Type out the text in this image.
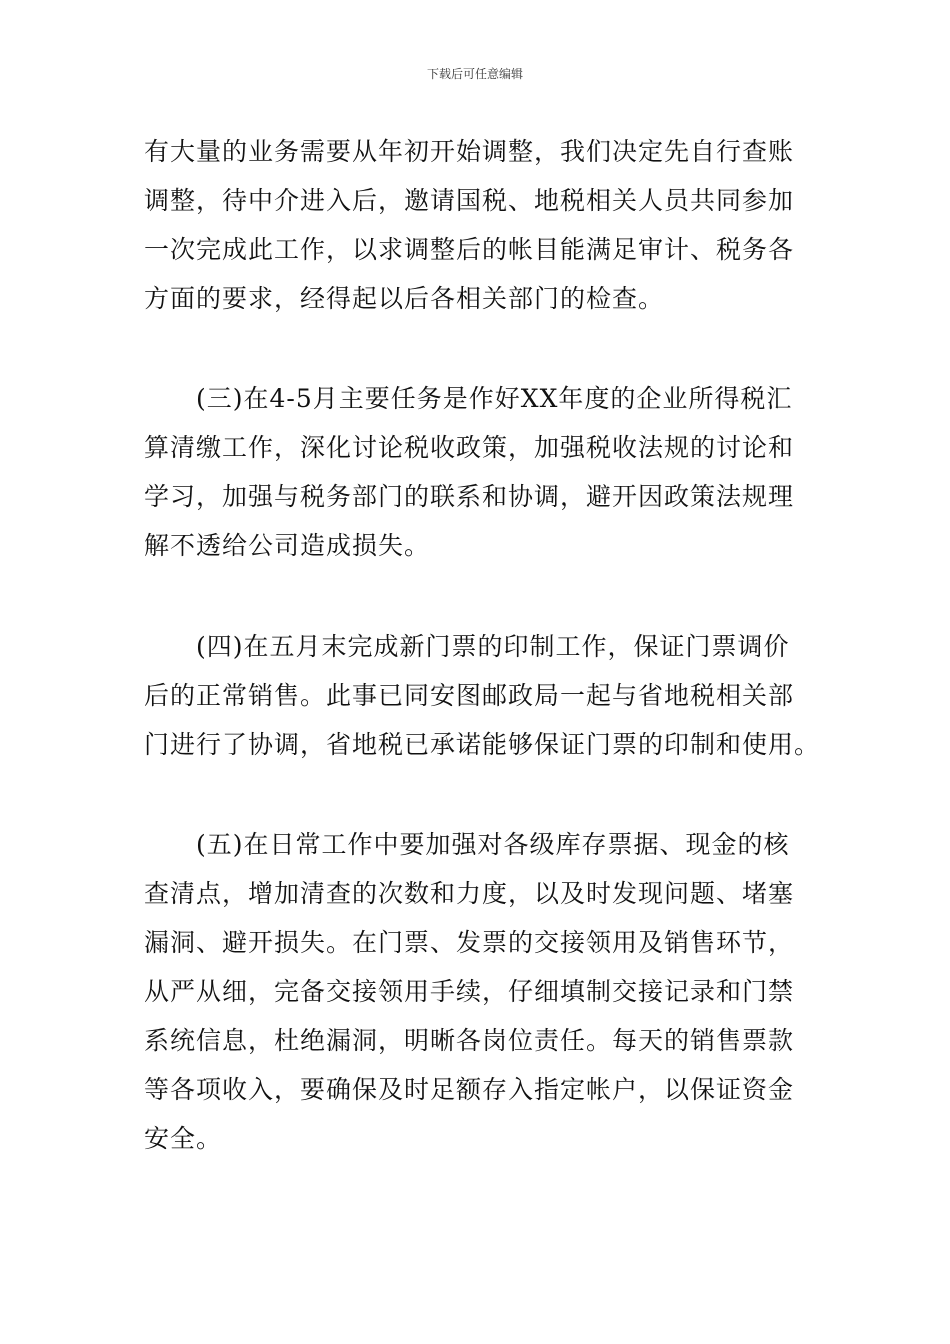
下载后可任意编辑
有大量的业务需要从年初开始调整，我们决定先自行查账
调整，待中介进入后，邀请国税、地税相关人员共同参加
一次完成此工作，以求调整后的帐目能满足审计、税务各
方面的要求，经得起以后各相关部门的检查。
　　(三)在4-5月主要任务是作好XX年度的企业所得税汇
算清缴工作，深化讨论税收政策，加强税收法规的讨论和
学习，加强与税务部门的联系和协调，避开因政策法规理
解不透给公司造成损失。
　　(四)在五月末完成新门票的印制工作，保证门票调价
后的正常销售。此事已同安图邮政局一起与省地税相关部
门进行了协调，省地税已承诺能够保证门票的印制和使用。
　　(五)在日常工作中要加强对各级库存票据、现金的核
查清点，增加清查的次数和力度，以及时发现问题、堵塞
漏洞、避开损失。在门票、发票的交接领用及销售环节，
从严从细，完备交接领用手续，仔细填制交接记录和门禁
系统信息，杜绝漏洞，明晰各岗位责任。每天的销售票款
等各项收入，要确保及时足额存入指定帐户，以保证资金
安全。
